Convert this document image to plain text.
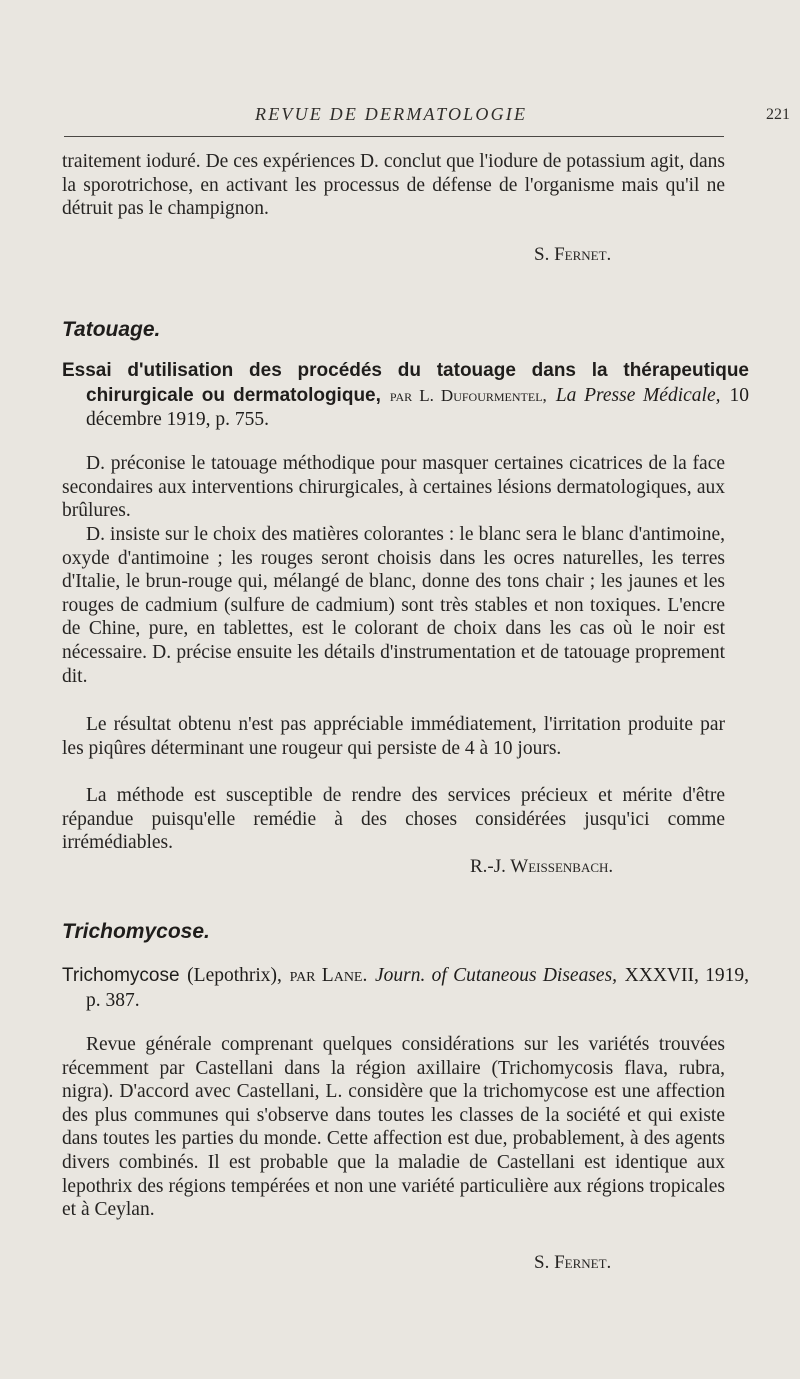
REVUE DE DERMATOLOGIE	221

traitement ioduré. De ces expériences D. conclut que l'iodure de potassium agit, dans la sporotrichose, en activant les processus de défense de l'organisme mais qu'il ne détruit pas le champignon.

S. Fernet.

Tatouage.

Essai d'utilisation des procédés du tatouage dans la thérapeutique chirurgicale ou dermatologique, par L. Dufourmentel, La Presse Médicale, 10 décembre 1919, p. 755.

D. préconise le tatouage méthodique pour masquer certaines cicatrices de la face secondaires aux interventions chirurgicales, à certaines lésions dermatologiques, aux brûlures.

D. insiste sur le choix des matières colorantes : le blanc sera le blanc d'antimoine, oxyde d'antimoine ; les rouges seront choisis dans les ocres naturelles, les terres d'Italie, le brun-rouge qui, mélangé de blanc, donne des tons chair ; les jaunes et les rouges de cadmium (sulfure de cadmium) sont très stables et non toxiques. L'encre de Chine, pure, en tablettes, est le colorant de choix dans les cas où le noir est nécessaire. D. précise ensuite les détails d'instrumentation et de tatouage proprement dit.

Le résultat obtenu n'est pas appréciable immédiatement, l'irritation produite par les piqûres déterminant une rougeur qui persiste de 4 à 10 jours.

La méthode est susceptible de rendre des services précieux et mérite d'être répandue puisqu'elle remédie à des choses considérées jusqu'ici comme irrémédiables.

R.-J. Weissenbach.

Trichomycose.

Trichomycose (Lepothrix), par Lane. Journ. of Cutaneous Diseases, XXXVII, 1919, p. 387.

Revue générale comprenant quelques considérations sur les variétés trouvées récemment par Castellani dans la région axillaire (Trichomycosis flava, rubra, nigra). D'accord avec Castellani, L. considère que la trichomycose est une affection des plus communes qui s'observe dans toutes les classes de la société et qui existe dans toutes les parties du monde. Cette affection est due, probablement, à des agents divers combinés. Il est probable que la maladie de Castellani est identique aux lepothrix des régions tempérées et non une variété particulière aux régions tropicales et à Ceylan.

S. Fernet.
